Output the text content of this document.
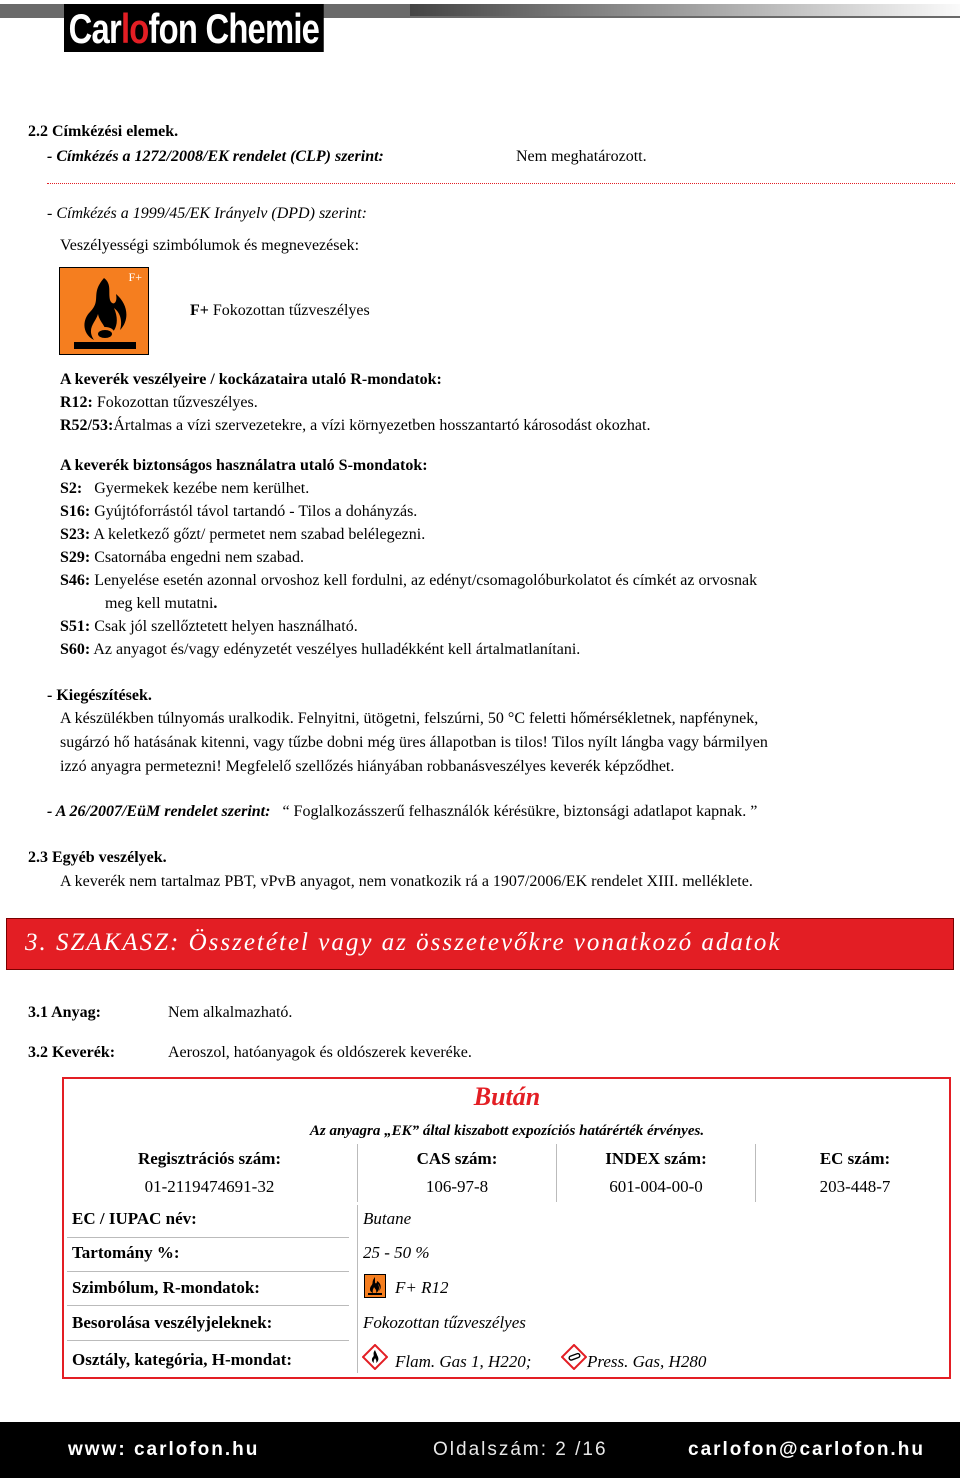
Carlofon Chemie
2.2 Címkézési elemek.
- Címkézés a 1272/2008/EK rendelet (CLP) szerint:	Nem meghatározott.
- Címkézés a 1999/45/EK Irányelv (DPD) szerint:
Veszélyességi szimbólumok és megnevezések:
F+
F+ Fokozottan tűzveszélyes
A keverék veszélyeire / kockázataira utaló R-mondatok:
R12: Fokozottan tűzveszélyes.
R52/53:Ártalmas a vízi szervezetekre, a vízi környezetben hosszantartó károsodást okozhat.
A keverék biztonságos használatra utaló S-mondatok:
S2: Gyermekek kezébe nem kerülhet.
S16: Gyújtóforrástól távol tartandó - Tilos a dohányzás.
S23: A keletkező gőzt/ permetet nem szabad belélegezni.
S29: Csatornába engedni nem szabad.
S46: Lenyelése esetén azonnal orvoshoz kell fordulni, az edényt/csomagolóburkolatot és címkét az orvosnak
meg kell mutatni.
S51: Csak jól szellőztetett helyen használható.
S60: Az anyagot és/vagy edényzetét veszélyes hulladékként kell ártalmatlanítani.
- Kiegészítések.
A készülékben túlnyomás uralkodik. Felnyitni, ütögetni, felszúrni, 50 °C feletti hőmérsékletnek, napfénynek,
sugárzó hő hatásának kitenni, vagy tűzbe dobni még üres állapotban is tilos! Tilos nyílt lángba vagy bármilyen
izzó anyagra permetezni! Megfelelő szellőzés hiányában robbanásveszélyes keverék képződhet.
- A 26/2007/EüM rendelet szerint: “ Foglalkozásszerű felhasználók kérésükre, biztonsági adatlapot kapnak. ”
2.3 Egyéb veszélyek.
A keverék nem tartalmaz PBT, vPvB anyagot, nem vonatkozik rá a 1907/2006/EK rendelet XIII. melléklete.
3. SZAKASZ: Összetétel vagy az összetevőkre vonatkozó adatok
3.1 Anyag:	Nem alkalmazható.
3.2 Keverék:	Aeroszol, hatóanyagok és oldószerek keveréke.
Bután
Az anyagra „EK” által kiszabott expozíciós határérték érvényes.
Regisztrációs szám:
01-2119474691-32
CAS szám:
106-97-8
INDEX szám:
601-004-00-0
EC szám:
203-448-7
EC / IUPAC név:	Butane
Tartomány %:	25 - 50 %
Szimbólum, R-mondatok:	F+ R12
Besorolása veszélyjeleknek:	Fokozottan tűzveszélyes
Osztály, kategória, H-mondat:	Flam. Gas 1, H220;	Press. Gas, H280
www: carlofon.hu	Oldalszám: 2 /16	carlofon@carlofon.hu
